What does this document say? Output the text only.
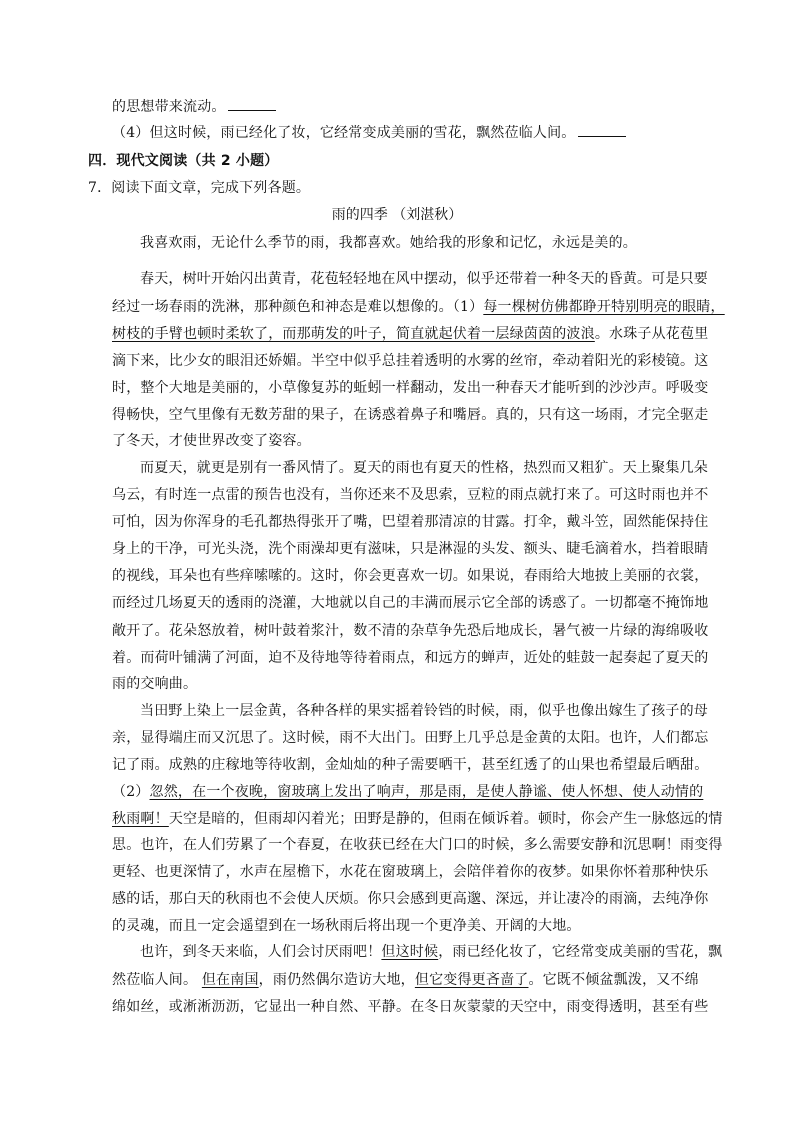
的思想带来流动。
（4）但这时候，雨已经化了妆，它经常变成美丽的雪花，飘然莅临人间。
四．现代文阅读（共 2 小题）
7．阅读下面文章，完成下列各题。
雨的四季 （刘湛秋）
我喜欢雨，无论什么季节的雨，我都喜欢。她给我的形象和记忆，永远是美的。
春天，树叶开始闪出黄青，花苞轻轻地在风中摆动，似乎还带着一种冬天的昏黄。可是只要
经过一场春雨的洗淋，那种颜色和神态是难以想像的。（1）每一棵树仿佛都睁开特别明亮的眼睛，
树枝的手臂也顿时柔软了，而那萌发的叶子，简直就起伏着一层绿茵茵的波浪。水珠子从花苞里
滴下来，比少女的眼泪还娇媚。半空中似乎总挂着透明的水雾的丝帘，牵动着阳光的彩棱镜。这
时，整个大地是美丽的，小草像复苏的蚯蚓一样翻动，发出一种春天才能听到的沙沙声。呼吸变
得畅快，空气里像有无数芳甜的果子，在诱惑着鼻子和嘴唇。真的，只有这一场雨，才完全驱走
了冬天，才使世界改变了姿容。
而夏天，就更是别有一番风情了。夏天的雨也有夏天的性格，热烈而又粗犷。天上聚集几朵
乌云，有时连一点雷的预告也没有，当你还来不及思索，豆粒的雨点就打来了。可这时雨也并不
可怕，因为你浑身的毛孔都热得张开了嘴，巴望着那清凉的甘露。打伞，戴斗笠，固然能保持住
身上的干净，可光头浇，洗个雨澡却更有滋味，只是淋湿的头发、额头、睫毛滴着水，挡着眼睛
的视线，耳朵也有些痒嗦嗦的。这时，你会更喜欢一切。如果说，春雨给大地披上美丽的衣裳，
而经过几场夏天的透雨的浇灌，大地就以自己的丰满而展示它全部的诱惑了。一切都毫不掩饰地
敞开了。花朵怒放着，树叶鼓着浆汁，数不清的杂草争先恐后地成长，暑气被一片绿的海绵吸收
着。而荷叶铺满了河面，迫不及待地等待着雨点，和远方的蝉声，近处的蛙鼓一起奏起了夏天的
雨的交响曲。
当田野上染上一层金黄，各种各样的果实摇着铃铛的时候，雨，似乎也像出嫁生了孩子的母
亲，显得端庄而又沉思了。这时候，雨不大出门。田野上几乎总是金黄的太阳。也许，人们都忘
记了雨。成熟的庄稼地等待收割，金灿灿的种子需要晒干，甚至红透了的山果也希望最后晒甜。
（2）忽然，在一个夜晚，窗玻璃上发出了响声，那是雨，是使人静谧、使人怀想、使人动情的
秋雨啊！天空是暗的，但雨却闪着光；田野是静的，但雨在倾诉着。顿时，你会产生一脉悠远的情
思。也许，在人们劳累了一个春夏，在收获已经在大门口的时候，多么需要安静和沉思啊！雨变得
更轻、也更深情了，水声在屋檐下，水花在窗玻璃上，会陪伴着你的夜梦。如果你怀着那种快乐
感的话，那白天的秋雨也不会使人厌烦。你只会感到更高邈、深远，并让凄冷的雨滴，去纯净你
的灵魂，而且一定会遥望到在一场秋雨后将出现一个更净美、开阔的大地。
也许，到冬天来临，人们会讨厌雨吧！但这时候，雨已经化妆了，它经常变成美丽的雪花，飘
然莅临人间。 但在南国，雨仍然偶尔造访大地，但它变得更吝啬了。它既不倾盆瓢泼，又不绵
绵如丝，或淅淅沥沥，它显出一种自然、平静。在冬日灰蒙蒙的天空中，雨变得透明，甚至有些
